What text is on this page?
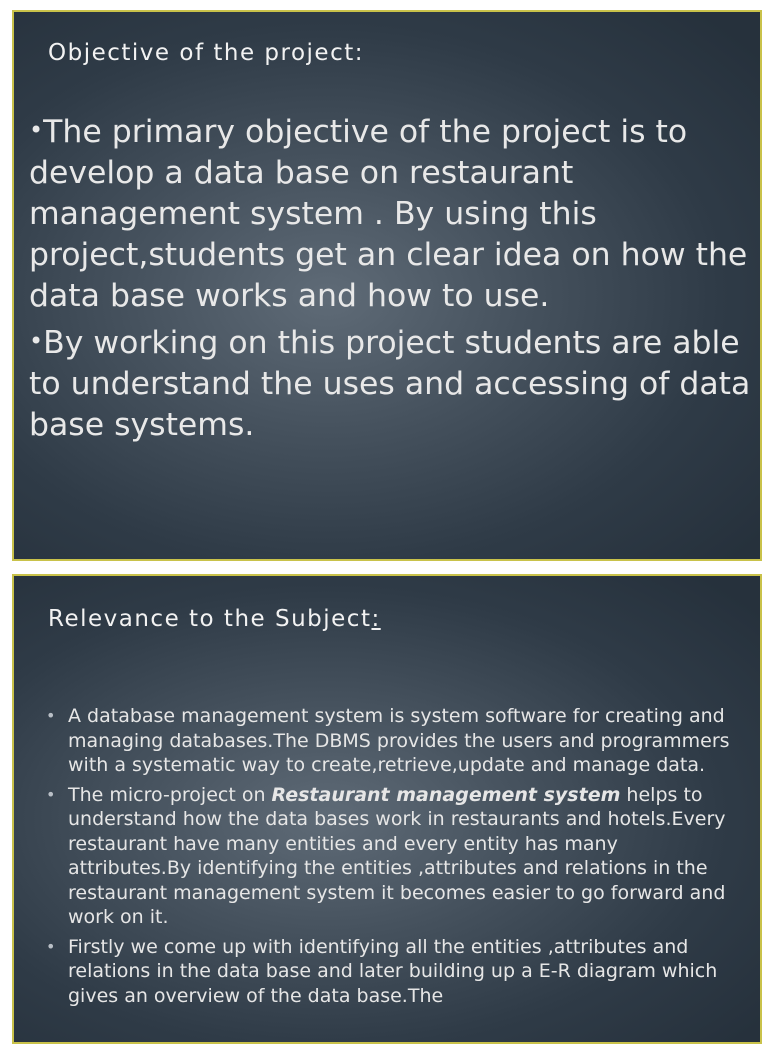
Objective of the project:
•The primary objective of the project is to develop a data base on restaurant management system . By using this project,students get an clear idea on how the data base works and how to use.
•By working on this project students are able to understand the uses and accessing of data base systems.
Relevance to the Subject:
• A database management system is system software for creating and managing databases.The DBMS provides the users and programmers with a systematic way to create,retrieve,update and manage data.
• The micro-project on Restaurant management system helps to understand how the data bases work in restaurants and hotels.Every restaurant have many entities and every entity has many attributes.By identifying the entities ,attributes and relations in the restaurant management system it becomes easier to go forward and work on it.
• Firstly we come up with identifying all the entities ,attributes and relations in the data base and later building up a E-R diagram which gives an overview of the data base.The
